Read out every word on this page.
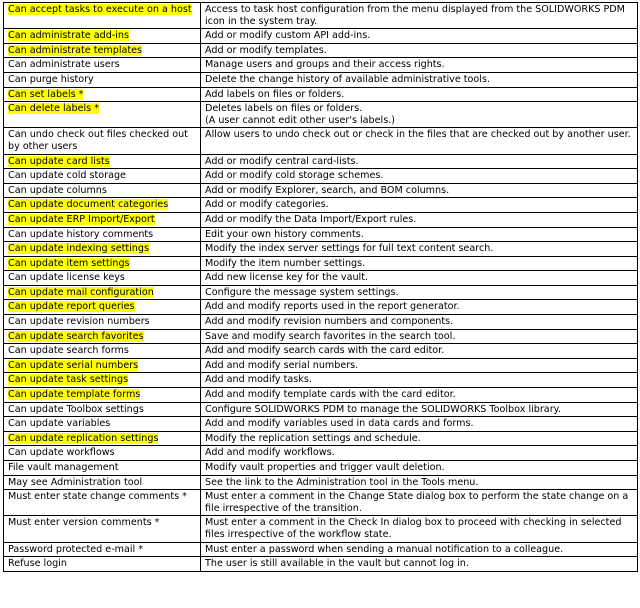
Can accept tasks to execute on a host	Access to task host configuration from the menu displayed from the SOLIDWORKS PDM icon in the system tray.
Can administrate add-ins	Add or modify custom API add-ins.
Can administrate templates	Add or modify templates.
Can administrate users	Manage users and groups and their access rights.
Can purge history	Delete the change history of available administrative tools.
Can set labels *	Add labels on files or folders.
Can delete labels *	Deletes labels on files or folders.
(A user cannot edit other user's labels.)
Can undo check out files checked out by other users	Allow users to undo check out or check in the files that are checked out by another user.
Can update card lists	Add or modify central card-lists.
Can update cold storage	Add or modify cold storage schemes.
Can update columns	Add or modify Explorer, search, and BOM columns.
Can update document categories	Add or modify categories.
Can update ERP Import/Export	Add or modify the Data Import/Export rules.
Can update history comments	Edit your own history comments.
Can update indexing settings	Modify the index server settings for full text content search.
Can update item settings	Modify the item number settings.
Can update license keys	Add new license key for the vault.
Can update mail configuration	Configure the message system settings.
Can update report queries	Add and modify reports used in the report generator.
Can update revision numbers	Add and modify revision numbers and components.
Can update search favorites	Save and modify search favorites in the search tool.
Can update search forms	Add and modify search cards with the card editor.
Can update serial numbers	Add and modify serial numbers.
Can update task settings	Add and modify tasks.
Can update template forms	Add and modify template cards with the card editor.
Can update Toolbox settings	Configure SOLIDWORKS PDM to manage the SOLIDWORKS Toolbox library.
Can update variables	Add and modify variables used in data cards and forms.
Can update replication settings	Modify the replication settings and schedule.
Can update workflows	Add and modify workflows.
File vault management	Modify vault properties and trigger vault deletion.
May see Administration tool	See the link to the Administration tool in the Tools menu.
Must enter state change comments *	Must enter a comment in the Change State dialog box to perform the state change on a file irrespective of the transition.
Must enter version comments *	Must enter a comment in the Check In dialog box to proceed with checking in selected files irrespective of the workflow state.
Password protected e-mail *	Must enter a password when sending a manual notification to a colleague.
Refuse login	The user is still available in the vault but cannot log in.
